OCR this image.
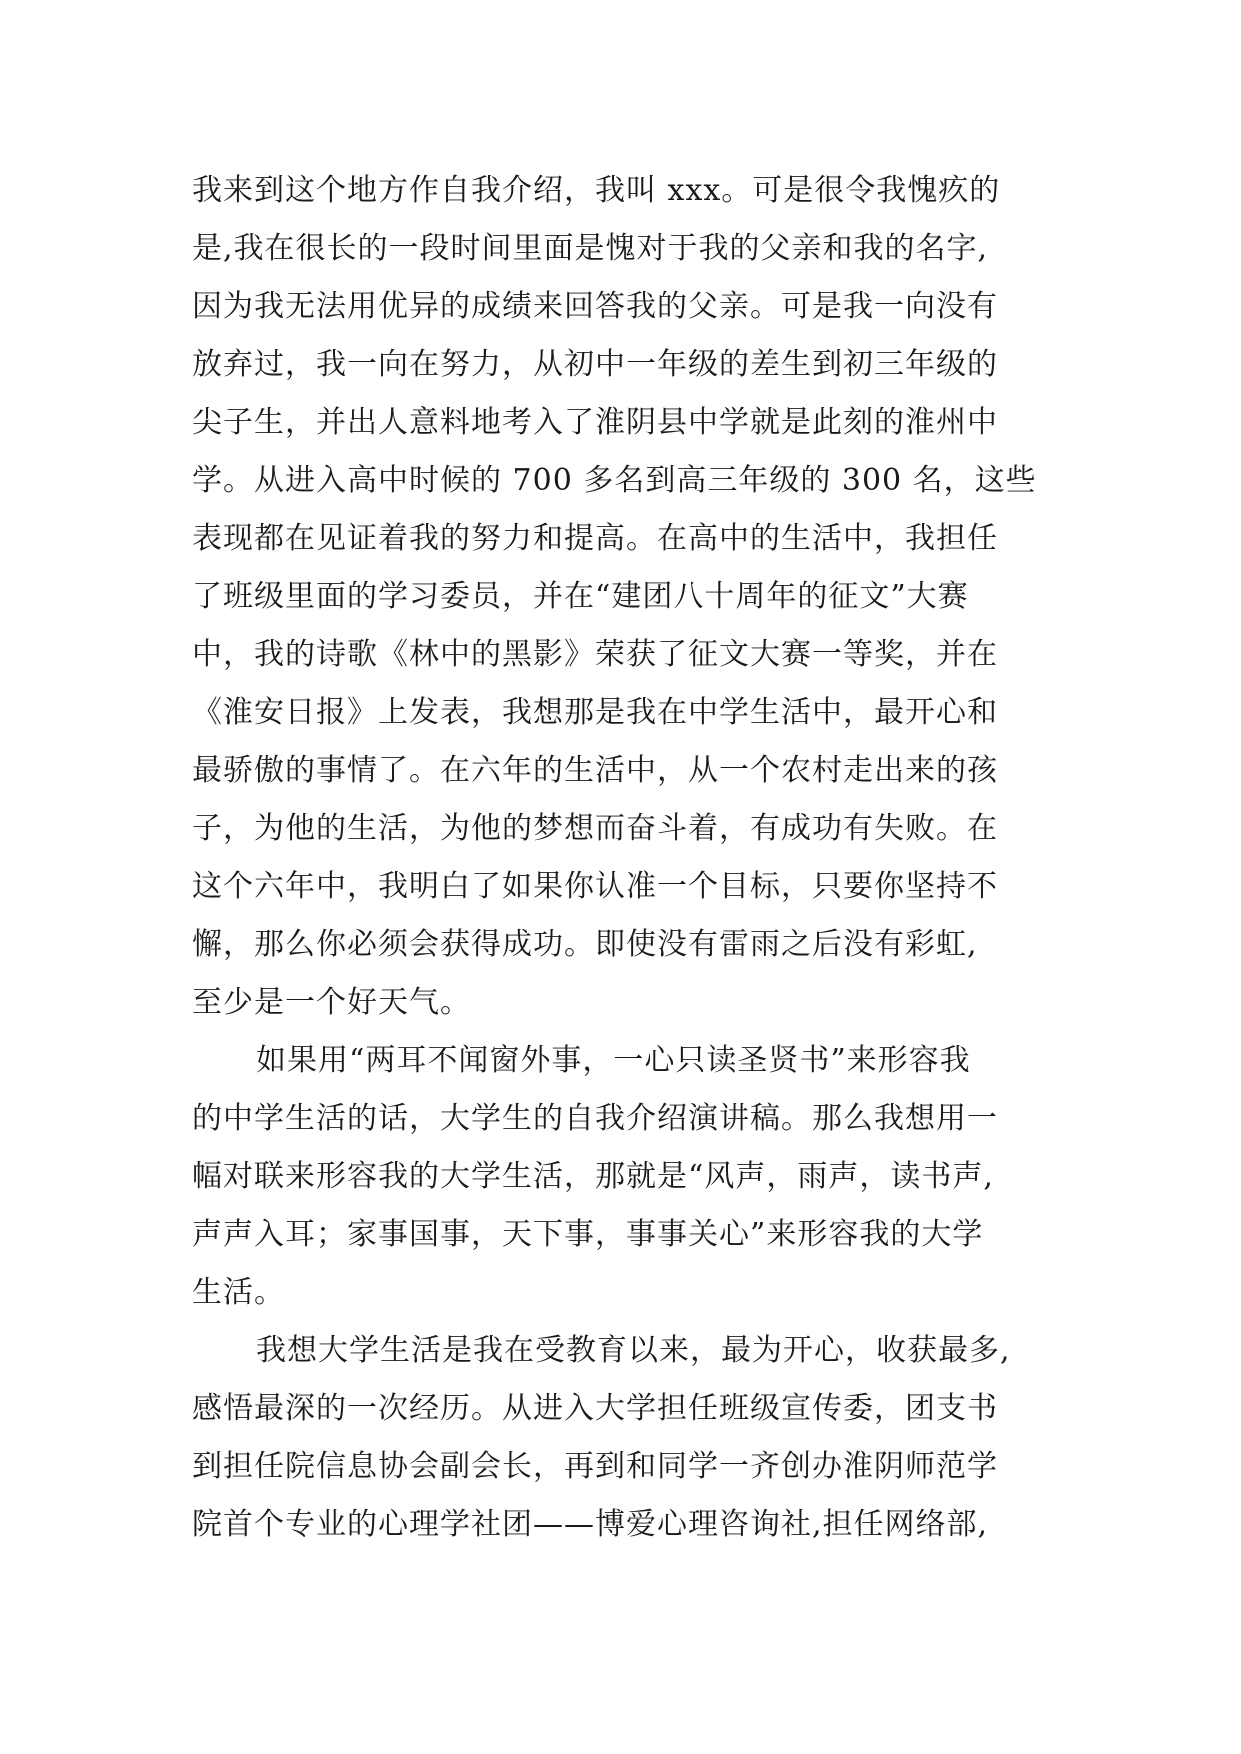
我来到这个地方作自我介绍，我叫 xxx。可是很令我愧疚的
是,我在很长的一段时间里面是愧对于我的父亲和我的名字,
因为我无法用优异的成绩来回答我的父亲。可是我一向没有
放弃过，我一向在努力，从初中一年级的差生到初三年级的
尖子生，并出人意料地考入了淮阴县中学就是此刻的淮州中
学。从进入高中时候的 700 多名到高三年级的 300 名，这些
表现都在见证着我的努力和提高。在高中的生活中，我担任
了班级里面的学习委员，并在“建团八十周年的征文”大赛
中，我的诗歌《林中的黑影》荣获了征文大赛一等奖，并在
《淮安日报》上发表，我想那是我在中学生活中，最开心和
最骄傲的事情了。在六年的生活中，从一个农村走出来的孩
子，为他的生活，为他的梦想而奋斗着，有成功有失败。在
这个六年中，我明白了如果你认准一个目标，只要你坚持不
懈，那么你必须会获得成功。即使没有雷雨之后没有彩虹,
至少是一个好天气。
如果用“两耳不闻窗外事，一心只读圣贤书”来形容我
的中学生活的话，大学生的自我介绍演讲稿。那么我想用一
幅对联来形容我的大学生活，那就是“风声，雨声，读书声,
声声入耳；家事国事，天下事，事事关心”来形容我的大学
生活。
我想大学生活是我在受教育以来，最为开心，收获最多,
感悟最深的一次经历。从进入大学担任班级宣传委，团支书
到担任院信息协会副会长，再到和同学一齐创办淮阴师范学
院首个专业的心理学社团——博爱心理咨询社,担任网络部,
